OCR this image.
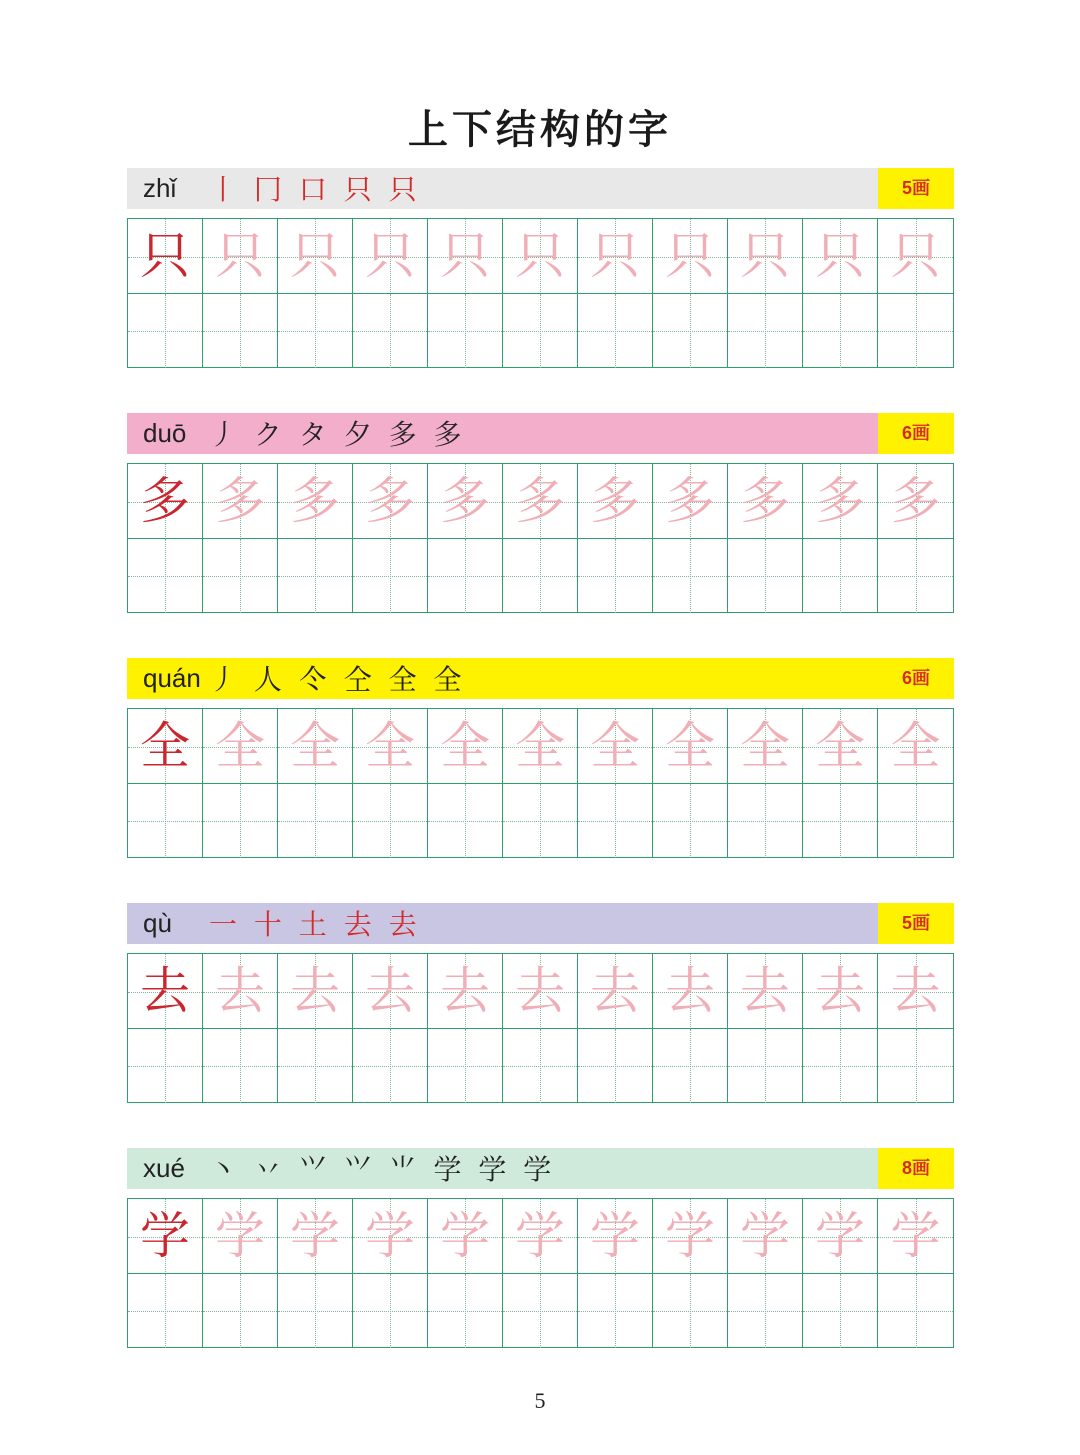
上下结构的字
zhǐ 丨 冂 口 只 只	5画
只 只 只 只 只 只 只 只 只 只 只
duō 丿 ク タ 夕 多 多	6画
多 多 多 多 多 多 多 多 多 多 多
quán 丿 人 仒 仝 全 全	6画
全 全 全 全 全 全 全 全 全 全 全
qù 一 十 土 去 去	5画
去 去 去 去 去 去 去 去 去 去 去
xué 丶 丷 ⺍ 𭕄 ⺌ 学 学 学	8画
学 学 学 学 学 学 学 学 学 学 学
5
